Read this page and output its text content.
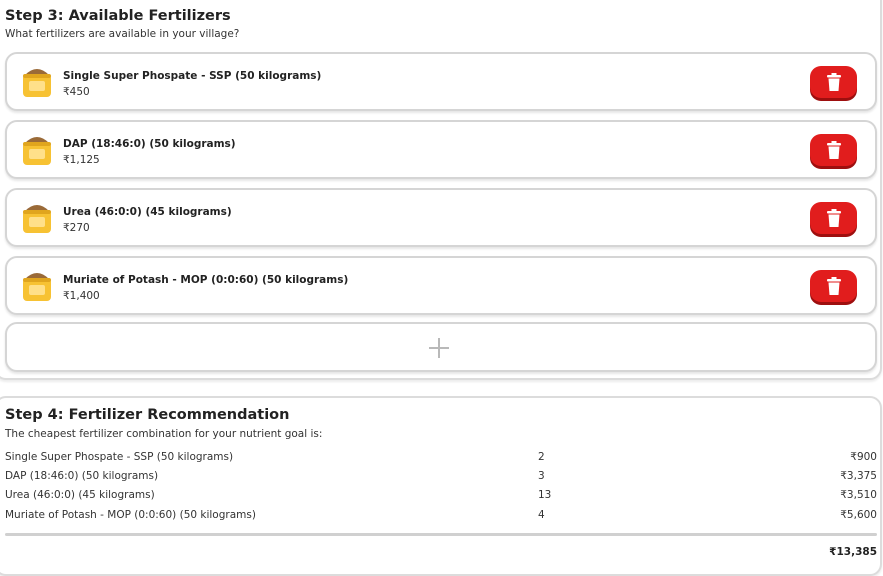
Step 3: Available Fertilizers
What fertilizers are available in your village?
Single Super Phospate - SSP (50 kilograms)
₹450
DAP (18:46:0) (50 kilograms)
₹1,125
Urea (46:0:0) (45 kilograms)
₹270
Muriate of Potash - MOP (0:0:60) (50 kilograms)
₹1,400
Step 4: Fertilizer Recommendation
The cheapest fertilizer combination for your nutrient goal is:
Single Super Phospate - SSP (50 kilograms)	2	₹900
DAP (18:46:0) (50 kilograms)	3	₹3,375
Urea (46:0:0) (45 kilograms)	13	₹3,510
Muriate of Potash - MOP (0:0:60) (50 kilograms)	4	₹5,600
₹13,385
